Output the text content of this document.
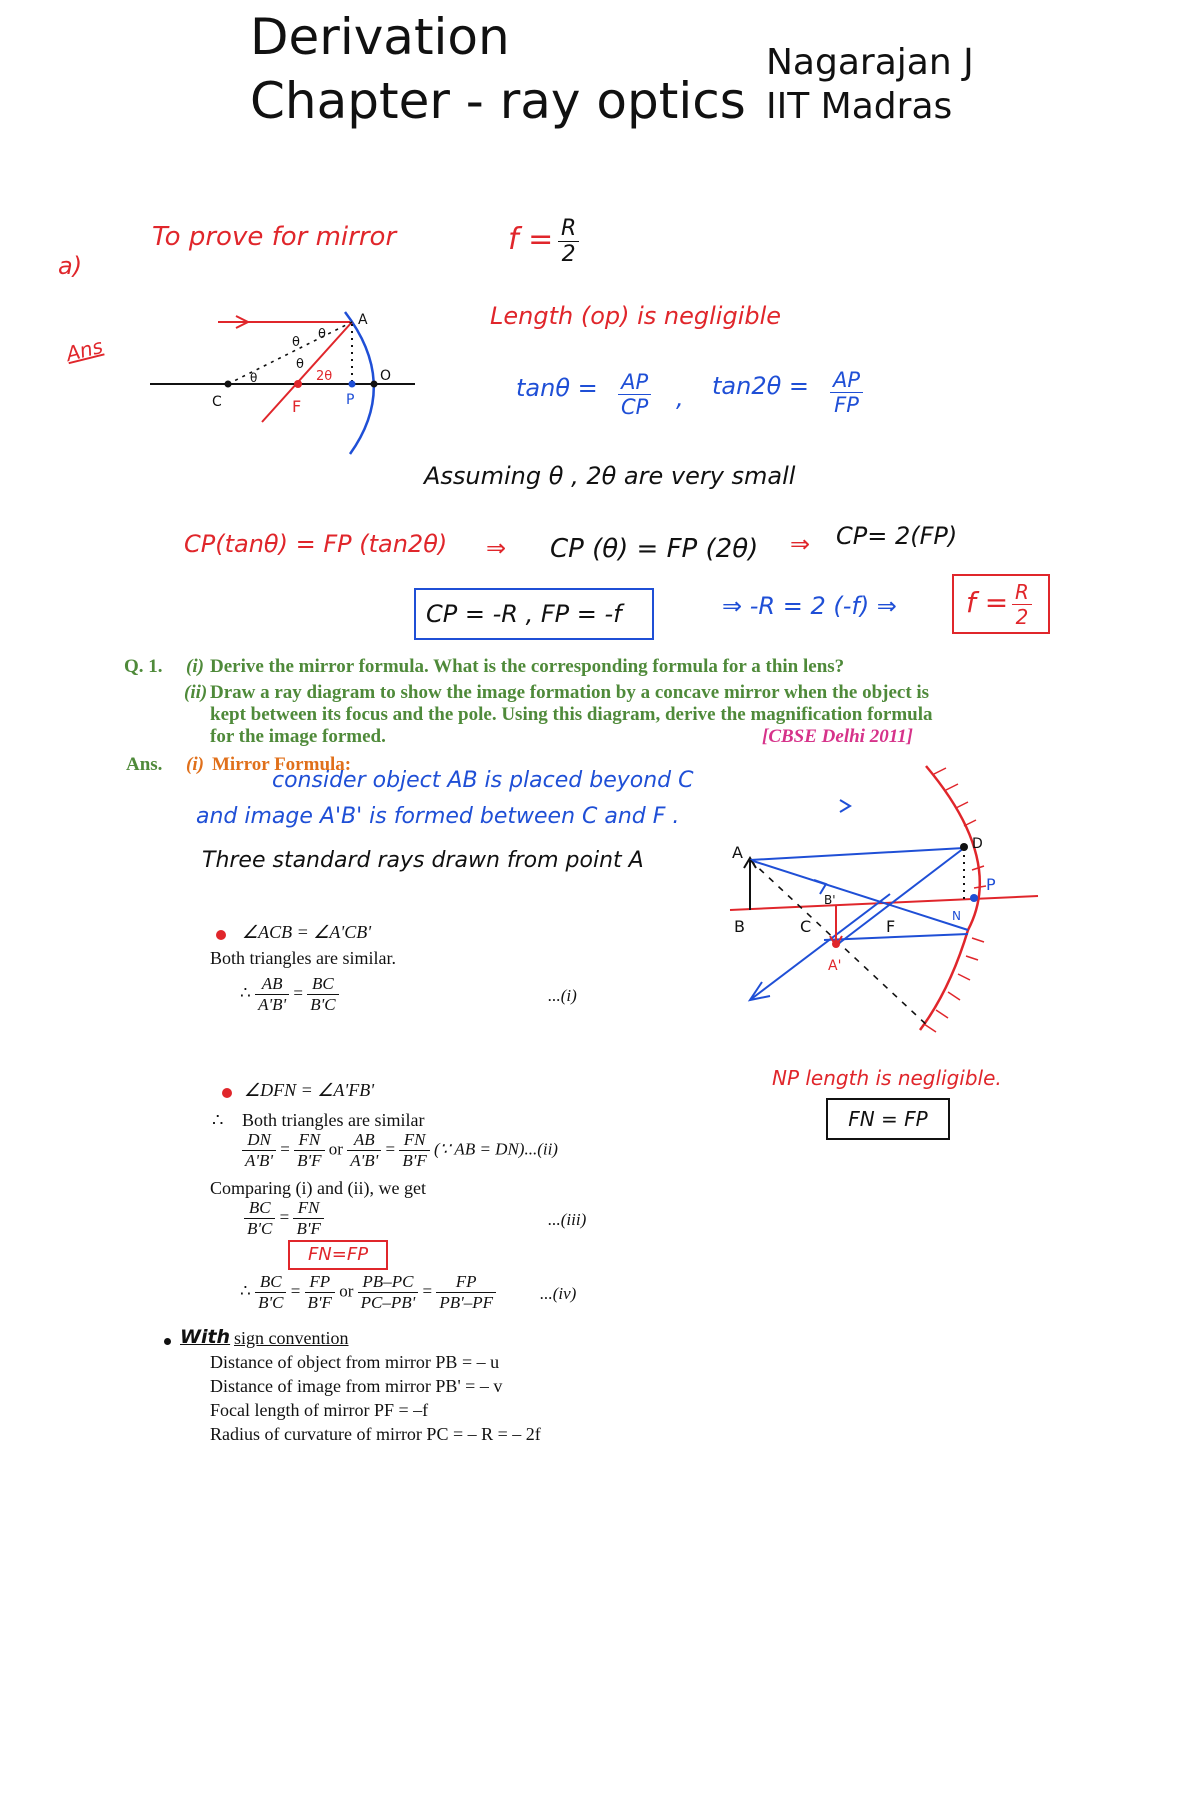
Derivation
Chapter - ray optics
Nagarajan J
IIT Madras
a)
Ans
To prove for mirror	$f = \frac{R}{2}$
A
C	F	P
O
θ
θ
θ	2θ
θ
Length (op) is negligible
$\tan\theta = \frac{AP}{CP}$ , $\tan 2\theta = \frac{AP}{FP}$
Assuming θ , 2θ are very small
CP(tanθ) = FP (tan2θ) ⇒ CP (θ) = FP (2θ) ⇒ CP= 2(FP)
CP = -R , FP = -f	⇒ -R = 2 (-f) ⇒ $f = \frac{R}{2}$
Q. 1. (i) Derive the mirror formula. What is the corresponding formula for a thin lens?
(ii) Draw a ray diagram to show the image formation by a concave mirror when the object is
kept between its focus and the pole. Using this diagram, derive the magnification formula
for the image formed.	[CBSE Delhi 2011]
Ans. (i) Mirror Formula:
consider object AB is placed beyond C
and image A'B' is formed between C and F .
Three standard rays drawn from point A
∠ACB = ∠A'CB'
Both triangles are similar.
∴ $\frac{AB}{A'B'} = \frac{BC}{B'C}$	...(i)
∠DFN = ∠A'FB'
∴ Both triangles are similar
$\frac{DN}{A'B'} = \frac{FN}{B'F}$ or $\frac{AB}{A'B'} = \frac{FN}{B'F}$ (∵ AB = DN)...(ii)
Comparing (i) and (ii), we get
$\frac{BC}{B'C} = \frac{FN}{B'F}$	...(iii)
FN=FP
∴ $\frac{BC}{B'C} = \frac{FP}{B'F}$ or $\frac{PB-PC}{PC-PB'} = \frac{FP}{PB'-PF}$	...(iv)
With sign convention
Distance of object from mirror PB = – u
Distance of image from mirror PB' = – v
Focal length of mirror PF = –f
Radius of curvature of mirror PC = – R = – 2f
A
B	C
B'
A'
F
D
N
P
NP length is negligible.
FN = FP
